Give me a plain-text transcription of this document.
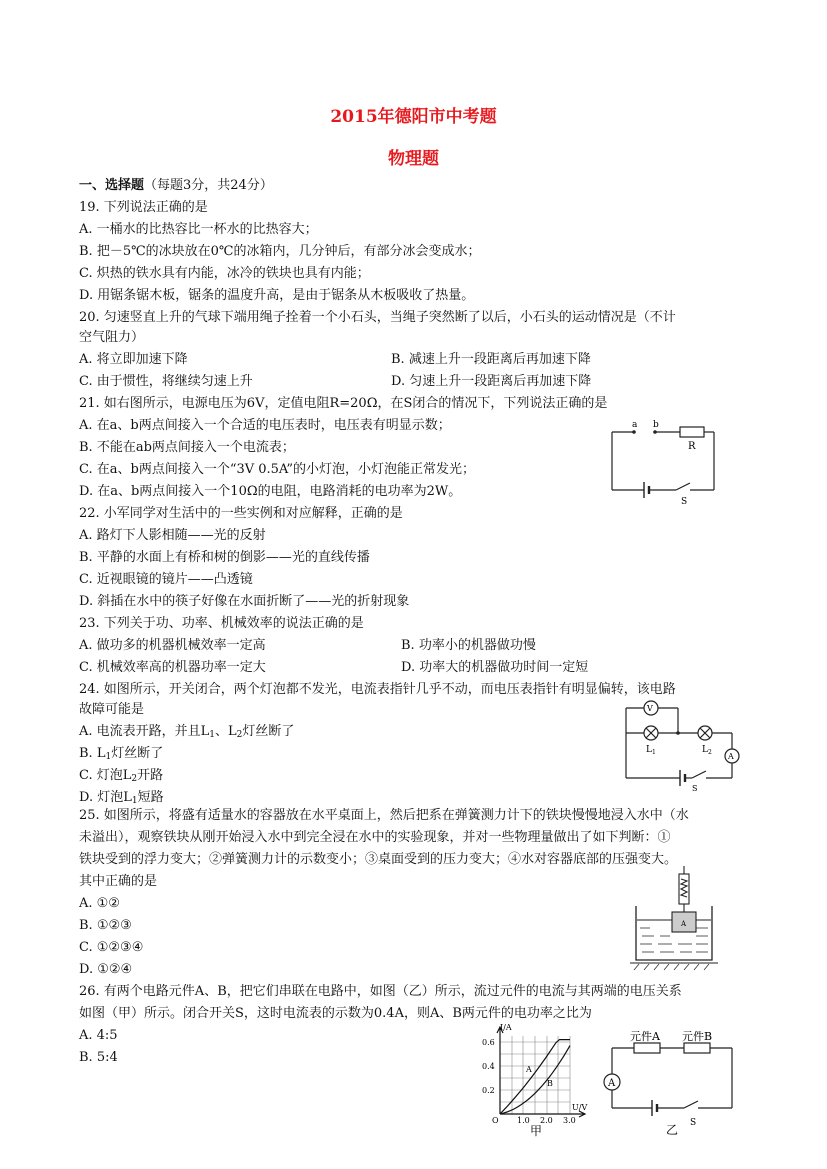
2015年德阳市中考题
物理题
一、选择题（每题3分，共24分）
19. 下列说法正确的是
A. 一桶水的比热容比一杯水的比热容大；
B. 把－5℃的冰块放在0℃的冰箱内，几分钟后，有部分冰会变成水；
C. 炽热的铁水具有内能，冰冷的铁块也具有内能；
D. 用锯条锯木板，锯条的温度升高，是由于锯条从木板吸收了热量。
20. 匀速竖直上升的气球下端用绳子拴着一个小石头，当绳子突然断了以后，小石头的运动情况是（不计
空气阻力）
A. 将立即加速下降	B. 减速上升一段距离后再加速下降
C. 由于惯性，将继续匀速上升	D. 匀速上升一段距离后再加速下降
21. 如右图所示，电源电压为6V，定值电阻R=20Ω，在S闭合的情况下，下列说法正确的是
A. 在a、b两点间接入一个合适的电压表时，电压表有明显示数；
B. 不能在ab两点间接入一个电流表；
C. 在a、b两点间接入一个“3V 0.5A”的小灯泡，小灯泡能正常发光；
D. 在a、b两点间接入一个10Ω的电阻，电路消耗的电功率为2W。
a b
R
S
22. 小军同学对生活中的一些实例和对应解释，正确的是
A. 路灯下人影相随——光的反射
B. 平静的水面上有桥和树的倒影——光的直线传播
C. 近视眼镜的镜片——凸透镜
D. 斜插在水中的筷子好像在水面折断了——光的折射现象
23. 下列关于功、功率、机械效率的说法正确的是
A. 做功多的机器机械效率一定高	B. 功率小的机器做功慢
C. 机械效率高的机器功率一定大	D. 功率大的机器做功时间一定短
24. 如图所示，开关闭合，两个灯泡都不发光，电流表指针几乎不动，而电压表指针有明显偏转，该电路
故障可能是
A. 电流表开路，并且$L_1$、$L_2$灯丝断了
B. $L_1$灯丝断了
C. 灯泡$L_2$开路
D. 灯泡$L_1$短路
V
A
$L_1$	$L_2$
S
25. 如图所示，将盛有适量水的容器放在水平桌面上，然后把系在弹簧测力计下的铁块慢慢地浸入水中（水
未溢出），观察铁块从刚开始浸入水中到完全浸在水中的实验现象，并对一些物理量做出了如下判断：①
铁块受到的浮力变大；②弹簧测力计的示数变小；③桌面受到的压力变大；④水对容器底部的压强变大。
其中正确的是
A. ①②
B. ①②③
C. ①②③④
D. ①②④
A
26. 有两个电路元件A、B，把它们串联在电路中，如图（乙）所示，流过元件的电流与其两端的电压关系
如图（甲）所示。闭合开关S，这时电流表的示数为0.4A，则A、B两元件的电功率之比为
A. 4:5
B. 5:4
I/A
U/V
0.6
0.4
0.2
O 1.0 2.0 3.0
A
B
甲
元件A 元件B
A
S
乙
